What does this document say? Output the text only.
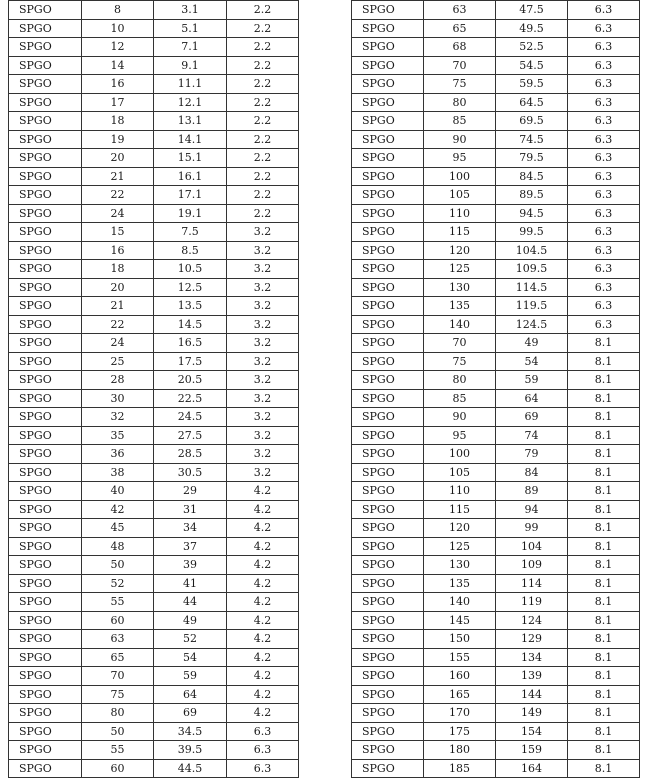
SPGO	8	3.1	2.2
SPGO	10	5.1	2.2
SPGO	12	7.1	2.2
SPGO	14	9.1	2.2
SPGO	16	11.1	2.2
SPGO	17	12.1	2.2
SPGO	18	13.1	2.2
SPGO	19	14.1	2.2
SPGO	20	15.1	2.2
SPGO	21	16.1	2.2
SPGO	22	17.1	2.2
SPGO	24	19.1	2.2
SPGO	15	7.5	3.2
SPGO	16	8.5	3.2
SPGO	18	10.5	3.2
SPGO	20	12.5	3.2
SPGO	21	13.5	3.2
SPGO	22	14.5	3.2
SPGO	24	16.5	3.2
SPGO	25	17.5	3.2
SPGO	28	20.5	3.2
SPGO	30	22.5	3.2
SPGO	32	24.5	3.2
SPGO	35	27.5	3.2
SPGO	36	28.5	3.2
SPGO	38	30.5	3.2
SPGO	40	29	4.2
SPGO	42	31	4.2
SPGO	45	34	4.2
SPGO	48	37	4.2
SPGO	50	39	4.2
SPGO	52	41	4.2
SPGO	55	44	4.2
SPGO	60	49	4.2
SPGO	63	52	4.2
SPGO	65	54	4.2
SPGO	70	59	4.2
SPGO	75	64	4.2
SPGO	80	69	4.2
SPGO	50	34.5	6.3
SPGO	55	39.5	6.3
SPGO	60	44.5	6.3
SPGO	63	47.5	6.3
SPGO	65	49.5	6.3
SPGO	68	52.5	6.3
SPGO	70	54.5	6.3
SPGO	75	59.5	6.3
SPGO	80	64.5	6.3
SPGO	85	69.5	6.3
SPGO	90	74.5	6.3
SPGO	95	79.5	6.3
SPGO	100	84.5	6.3
SPGO	105	89.5	6.3
SPGO	110	94.5	6.3
SPGO	115	99.5	6.3
SPGO	120	104.5	6.3
SPGO	125	109.5	6.3
SPGO	130	114.5	6.3
SPGO	135	119.5	6.3
SPGO	140	124.5	6.3
SPGO	70	49	8.1
SPGO	75	54	8.1
SPGO	80	59	8.1
SPGO	85	64	8.1
SPGO	90	69	8.1
SPGO	95	74	8.1
SPGO	100	79	8.1
SPGO	105	84	8.1
SPGO	110	89	8.1
SPGO	115	94	8.1
SPGO	120	99	8.1
SPGO	125	104	8.1
SPGO	130	109	8.1
SPGO	135	114	8.1
SPGO	140	119	8.1
SPGO	145	124	8.1
SPGO	150	129	8.1
SPGO	155	134	8.1
SPGO	160	139	8.1
SPGO	165	144	8.1
SPGO	170	149	8.1
SPGO	175	154	8.1
SPGO	180	159	8.1
SPGO	185	164	8.1
